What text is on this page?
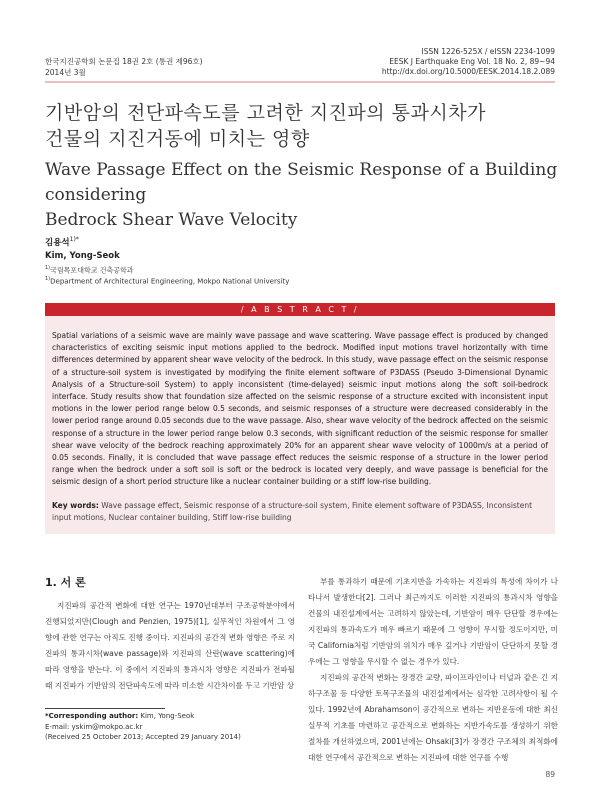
한국지진공학회 논문집 18권 2호 (통권 제96호)
2014년 3월
ISSN 1226-525X / eISSN 2234-1099
EESK J Earthquake Eng Vol. 18 No. 2, 89~94
http://dx.doi.org/10.5000/EESK.2014.18.2.089
기반암의 전단파속도를 고려한 지진파의 통과시차가
건물의 지진거동에 미치는 영향
Wave Passage Effect on the Seismic Response of a Building considering
Bedrock Shear Wave Velocity
김용석$^{1)*}$
Kim, Yong-Seok
$^{1)}$국립목포대학교 건축공학과
$^{1)}$Department of Architectural Engineering, Mokpo National University
/ A B S T R A C T /
Spatial variations of a seismic wave are mainly wave passage and wave scattering. Wave passage effect is produced by changed characteristics of exciting seismic input motions applied to the bedrock. Modified input motions travel horizontally with time differences determined by apparent shear wave velocity of the bedrock. In this study, wave passage effect on the seismic response of a structure-soil system is investigated by modifying the finite element software of P3DASS (Pseudo 3-Dimensional Dynamic Analysis of a Structure-soil System) to apply inconsistent (time-delayed) seismic input motions along the soft soil-bedrock interface. Study results show that foundation size affected on the seismic response of a structure excited with inconsistent input motions in the lower period range below 0.5 seconds, and seismic responses of a structure were decreased considerably in the lower period range around 0.05 seconds due to the wave passage. Also, shear wave velocity of the bedrock affected on the seismic response of a structure in the lower period range below 0.3 seconds, with significant reduction of the seismic response for smaller shear wave velocity of the bedrock reaching approximately 20% for an apparent shear wave velocity of 1000m/s at a period of 0.05 seconds. Finally, it is concluded that wave passage effect reduces the seismic response of a structure in the lower period range when the bedrock under a soft soil is soft or the bedrock is located very deeply, and wave passage is beneficial for the seismic design of a short period structure like a nuclear container building or a stiff low-rise building.
Key words: Wave passage effect, Seismic response of a structure-soil system, Finite element software of P3DASS, Inconsistent input motions, Nuclear container building, Stiff low-rise building
1. 서 론

지진파의 공간적 변화에 대한 연구는 1970년대부터 구조공학분야에서 진행되었지만(Clough and Penzien, 1975)[1], 실무적인 차원에서 그 영향에 관한 연구는 아직도 진행 중이다. 지진파의 공간적 변화 영향은 주로 지진파의 통과시차(wave passage)와 지진파의 산란(wave scattering)에 따라 영향을 받는다. 이 중에서 지진파의 통과시차 영향은 지진파가 전파될 때 지진파가 기반암의 전단파속도에 따라 미소한 시간차이를 두고 기반암 상

부를 통과하기 때문에 기초지반을 가속하는 지진파의 특성에 차이가 나타나서 발생한다[2]. 그러나 최근까지도 이러한 지진파의 통과시차 영향을 건물의 내진설계에서는 고려하지 않았는데, 기반암이 매우 단단할 경우에는 지진파의 통과속도가 매우 빠르기 때문에 그 영향이 무시할 정도이지만, 미국 California처럼 기반암의 위치가 매우 깊거나 기반암이 단단하지 못할 경우에는 그 영향을 무시할 수 없는 경우가 있다.

지진파의 공간적 변화는 장경간 교량, 파이프라인이나 터널과 같은 긴 지하구조물 등 다양한 토목구조물의 내진설계에서는 심각한 고려사항이 될 수 있다. 1992년에 Abrahamson이 공간적으로 변하는 지반운동에 대한 최신 실무적 기초를 마련하고 공간적으로 변화하는 지반가속도를 생성하기 위한 절차를 개선하였으며, 2001년에는 Ohsaki[3]가 장경간 구조체의 최적화에 대한 연구에서 공간적으로 변하는 지진파에 대한 연구를 수행

*Corresponding author: Kim, Yong-Seok
E-mail: yskim@mokpo.ac.kr
(Received 25 October 2013; Accepted 29 January 2014)
89
